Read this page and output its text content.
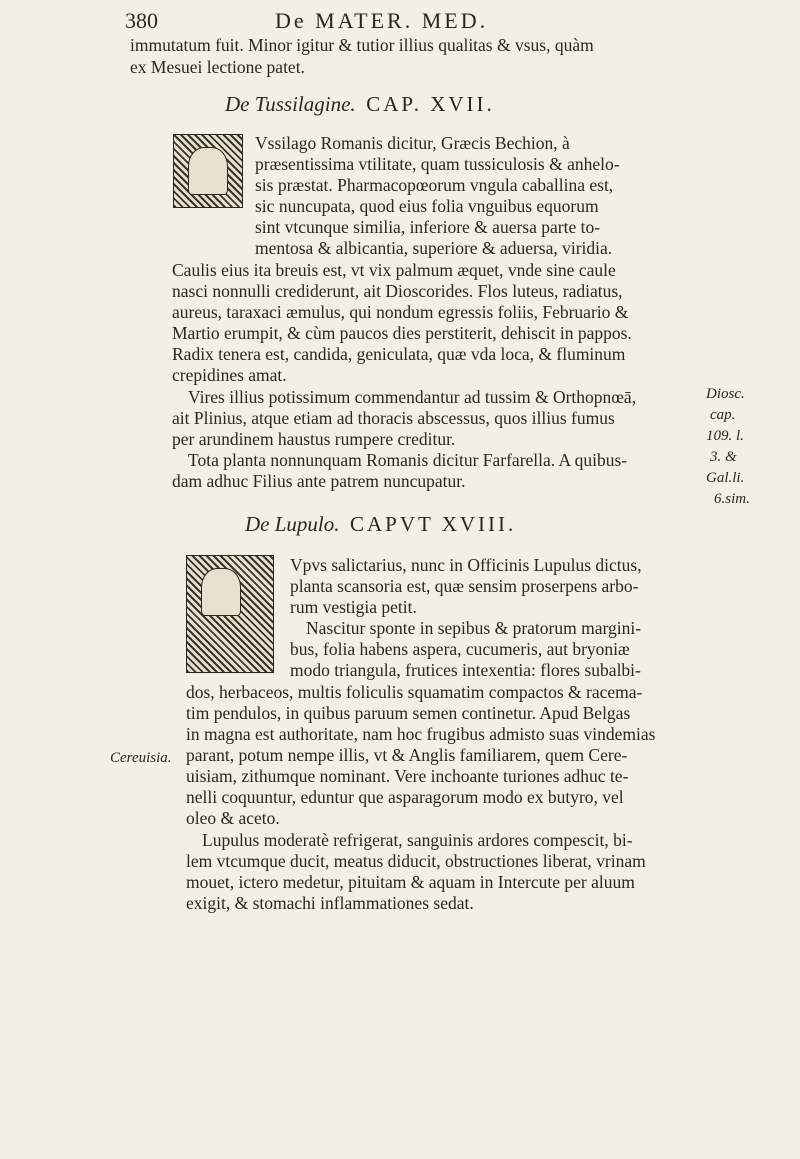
380	De MATER. MED.
immutatum fuit. Minor igitur & tutior illius qualitas & vsus, quàm
ex Mesuei lectione patet.
De Tussilagine. CAP. XVII.
Vssilago Romanis dicitur, Græcis Bechion, à
præsentissima vtilitate, quam tussiculosis & anhelo-
sis præstat. Pharmacopœorum vngula caballina est,
sic nuncupata, quod eius folia vnguibus equorum
sint vtcunque similia, inferiore & auersa parte to-
mentosa & albicantia, superiore & aduersa, viridia.
Caulis eius ita breuis est, vt vix palmum æquet, vnde sine caule
nasci nonnulli crediderunt, ait Dioscorides. Flos luteus, radiatus,
aureus, taraxaci æmulus, qui nondum egressis foliis, Februario &
Martio erumpit, & cùm paucos dies perstiterit, dehiscit in pappos.
Radix tenera est, candida, geniculata, quæ vda loca, & fluminum
crepidines amat.
Vires illius potissimum commendantur ad tussim & Orthopnœā,
ait Plinius, atque etiam ad thoracis abscessus, quos illius fumus
per arundinem haustus rumpere creditur.
Tota planta nonnunquam Romanis dicitur Farfarella. A quibus-
dam adhuc Filius ante patrem nuncupatur.
Diosc.
cap.
109. l.
3. &
Gal.li.
6.sim.
De Lupulo. CAPVT XVIII.
Vpvs salictarius, nunc in Officinis Lupulus dictus,
planta scansoria est, quæ sensim proserpens arbo-
rum vestigia petit.
Nascitur sponte in sepibus & pratorum margini-
bus, folia habens aspera, cucumeris, aut bryoniæ
modo triangula, frutices intexentia: flores subalbi-
dos, herbaceos, multis foliculis squamatim compactos & racema-
tim pendulos, in quibus paruum semen continetur. Apud Belgas
in magna est authoritate, nam hoc frugibus admisto suas vindemias
parant, potum nempe illis, vt & Anglis familiarem, quem Cere-
uisiam, zithumque nominant. Vere inchoante turiones adhuc te-
nelli coquuntur, eduntur que asparagorum modo ex butyro, vel
oleo & aceto.
Lupulus moderatè refrigerat, sanguinis ardores compescit, bi-
lem vtcumque ducit, meatus diducit, obstructiones liberat, vrinam
mouet, ictero medetur, pituitam & aquam in Intercute per aluum
exigit, & stomachi inflammationes sedat.
Cereuisia.
